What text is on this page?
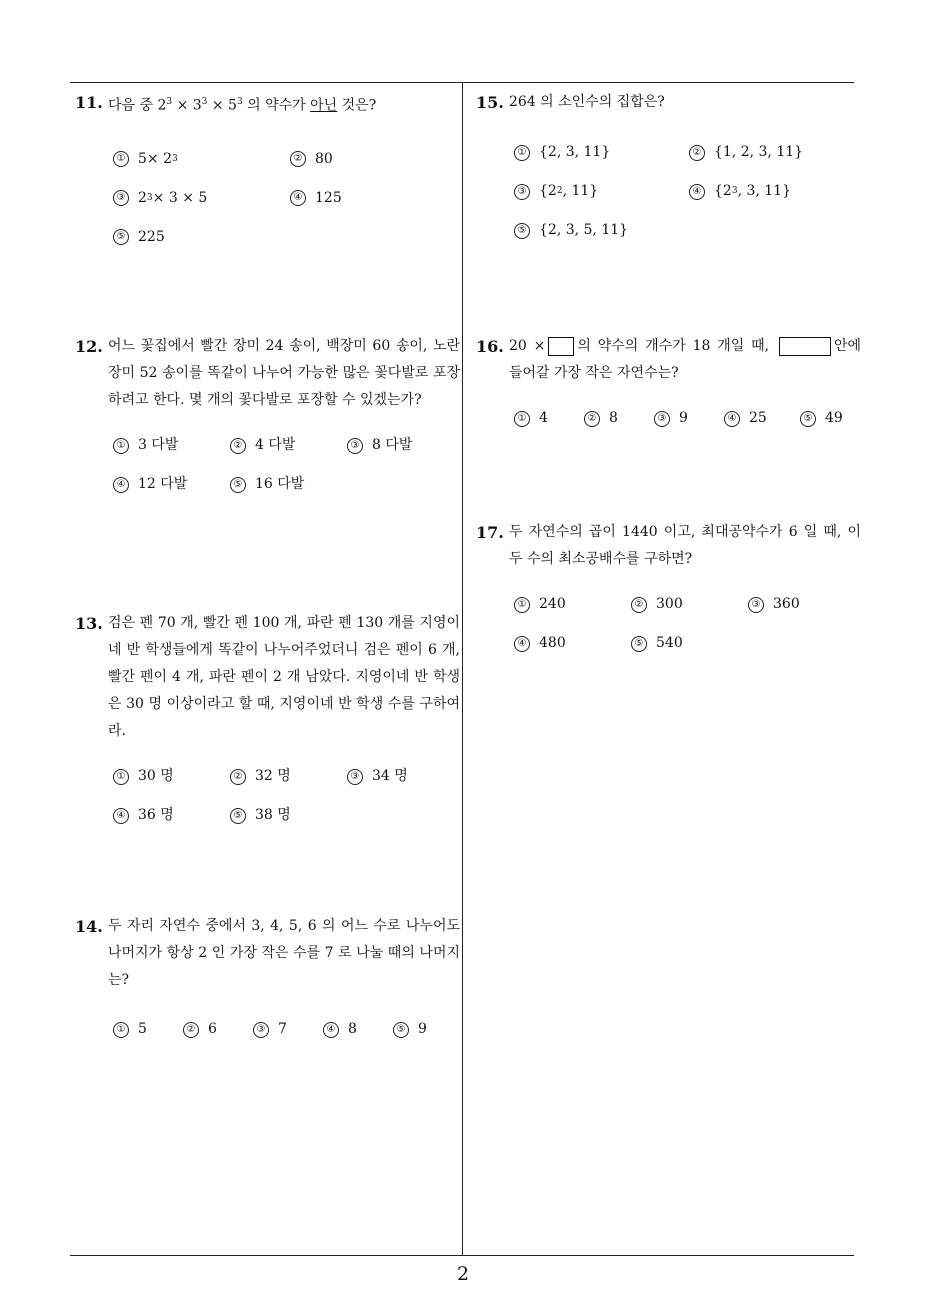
11. 다음 중 $2^3 \times 3^3 \times 5^3$ 의 약수가 아닌 것은?
① 5× 2 3	② 80
③ 2 3 × 3 × 5	④ 125
⑤ 225
12. 어느 꽃집에서 빨간 장미 24 송이, 백장미 60 송이, 노란 장미 52 송이를 똑같이 나누어 가능한 많은 꽃다발로 포장하려고 한다. 몇 개의 꽃다발로 포장할 수 있겠는가?
① 3 다발	② 4 다발	③ 8 다발
④ 12 다발	⑤ 16 다발
13. 검은 펜 70 개, 빨간 펜 100 개, 파란 펜 130 개를 지영이네 반 학생들에게 똑같이 나누어주었더니 검은 펜이 6 개, 빨간 펜이 4 개, 파란 펜이 2 개 남았다. 지영이네 반 학생은 30 명 이상이라고 할 때, 지영이네 반 학생 수를 구하여라.
① 30 명	② 32 명	③ 34 명
④ 36 명	⑤ 38 명
14. 두 자리 자연수 중에서 3, 4, 5, 6 의 어느 수로 나누어도 나머지가 항상 2 인 가장 작은 수를 7 로 나눌 때의 나머지는?
① 5	② 6	③ 7	④ 8	⑤ 9
15. 264 의 소인수의 집합은?
① {2, 3, 11}	② {1, 2, 3, 11}
③ {2 2 , 11}	④ {2 3 , 3, 11}
⑤ {2, 3, 5, 11}
16. 20 × 의 약수의 개수가 18 개일 때,	안에 들어갈 가장 작은 자연수는?
① 4	② 8	③ 9	④ 25	⑤ 49
17. 두 자연수의 곱이 1440 이고, 최대공약수가 6 일 때, 이 두 수의 최소공배수를 구하면?
① 240	② 300	③ 360
④ 480	⑤ 540
2
